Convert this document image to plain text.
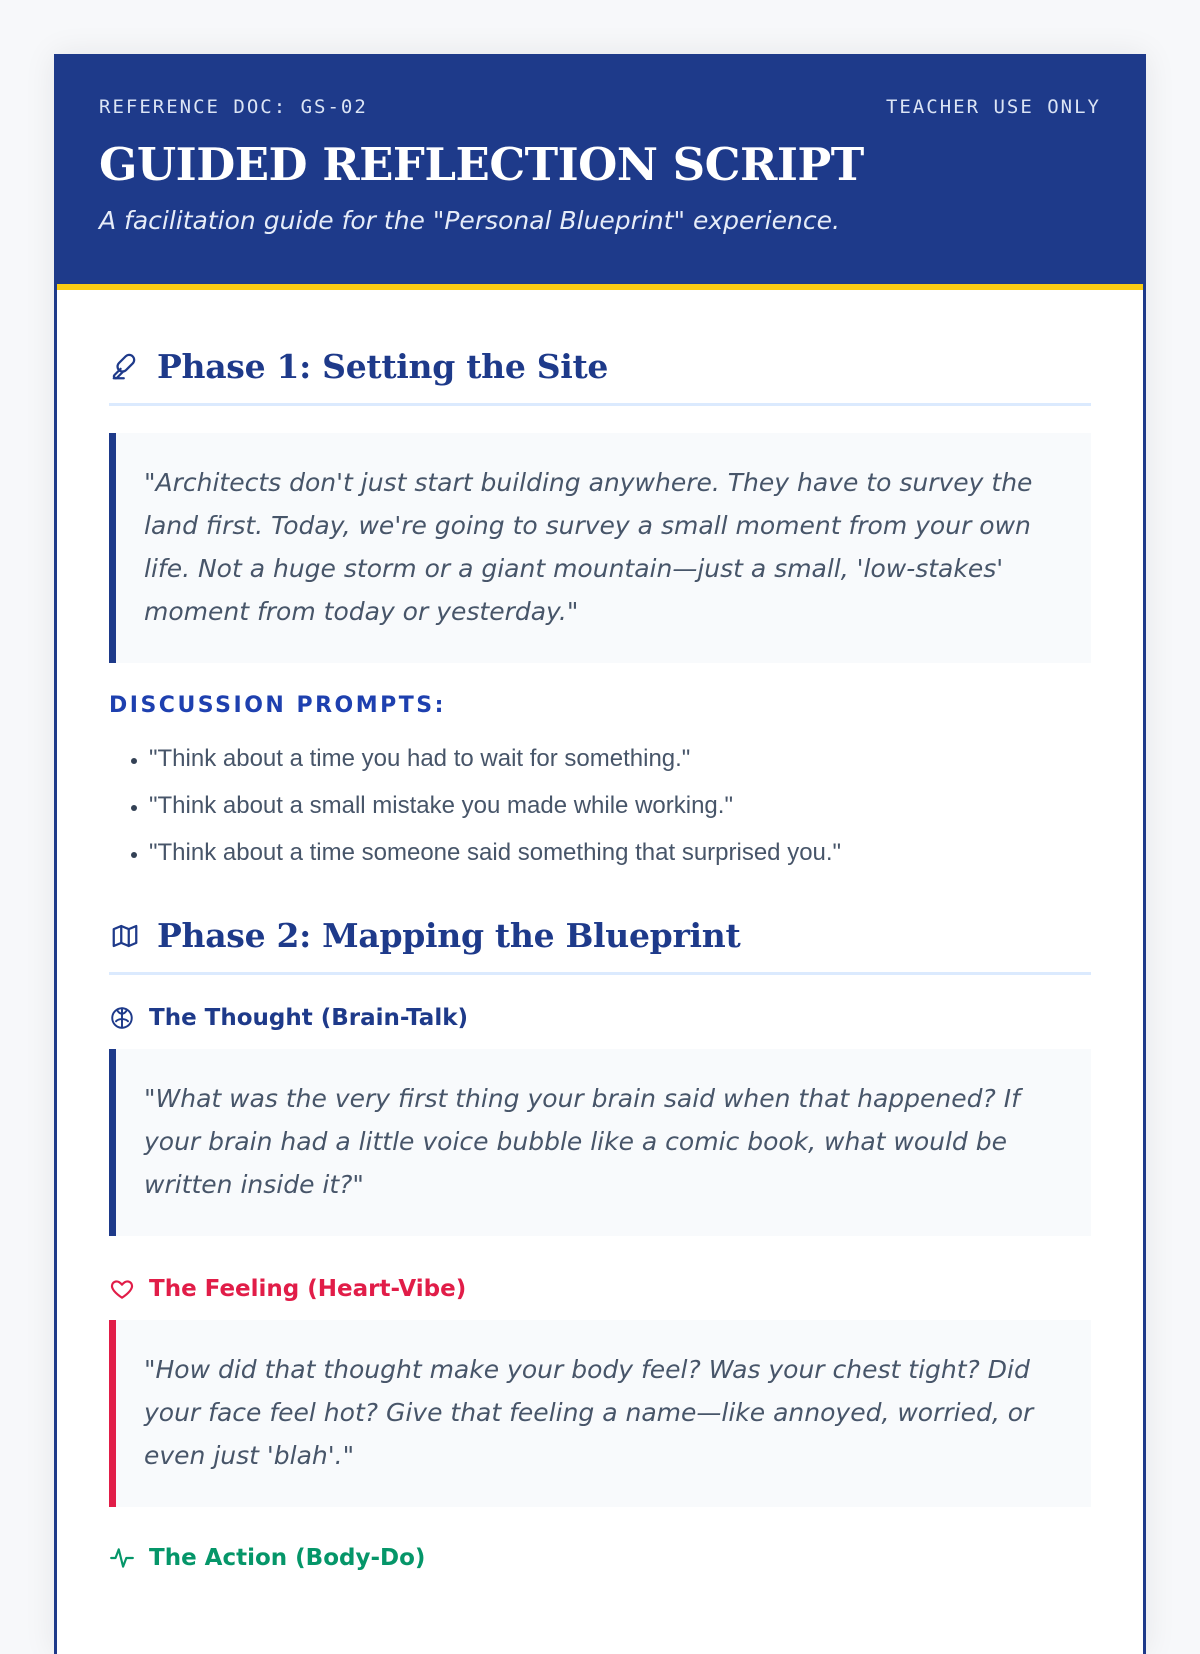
REFERENCE DOC: GS-02	TEACHER USE ONLY
GUIDED REFLECTION SCRIPT
A facilitation guide for the "Personal Blueprint" experience.
Phase 1: Setting the Site
"Architects don't just start building anywhere. They have to survey the land first. Today, we're going to survey a small moment from your own life. Not a huge storm or a giant mountain—just a small, 'low-stakes' moment from today or yesterday."
DISCUSSION PROMPTS:
• "Think about a time you had to wait for something."
• "Think about a small mistake you made while working."
• "Think about a time someone said something that surprised you."
Phase 2: Mapping the Blueprint
The Thought (Brain-Talk)
"What was the very first thing your brain said when that happened? If your brain had a little voice bubble like a comic book, what would be written inside it?"
The Feeling (Heart-Vibe)
"How did that thought make your body feel? Was your chest tight? Did your face feel hot? Give that feeling a name—like annoyed, worried, or even just 'blah'."
The Action (Body-Do)
